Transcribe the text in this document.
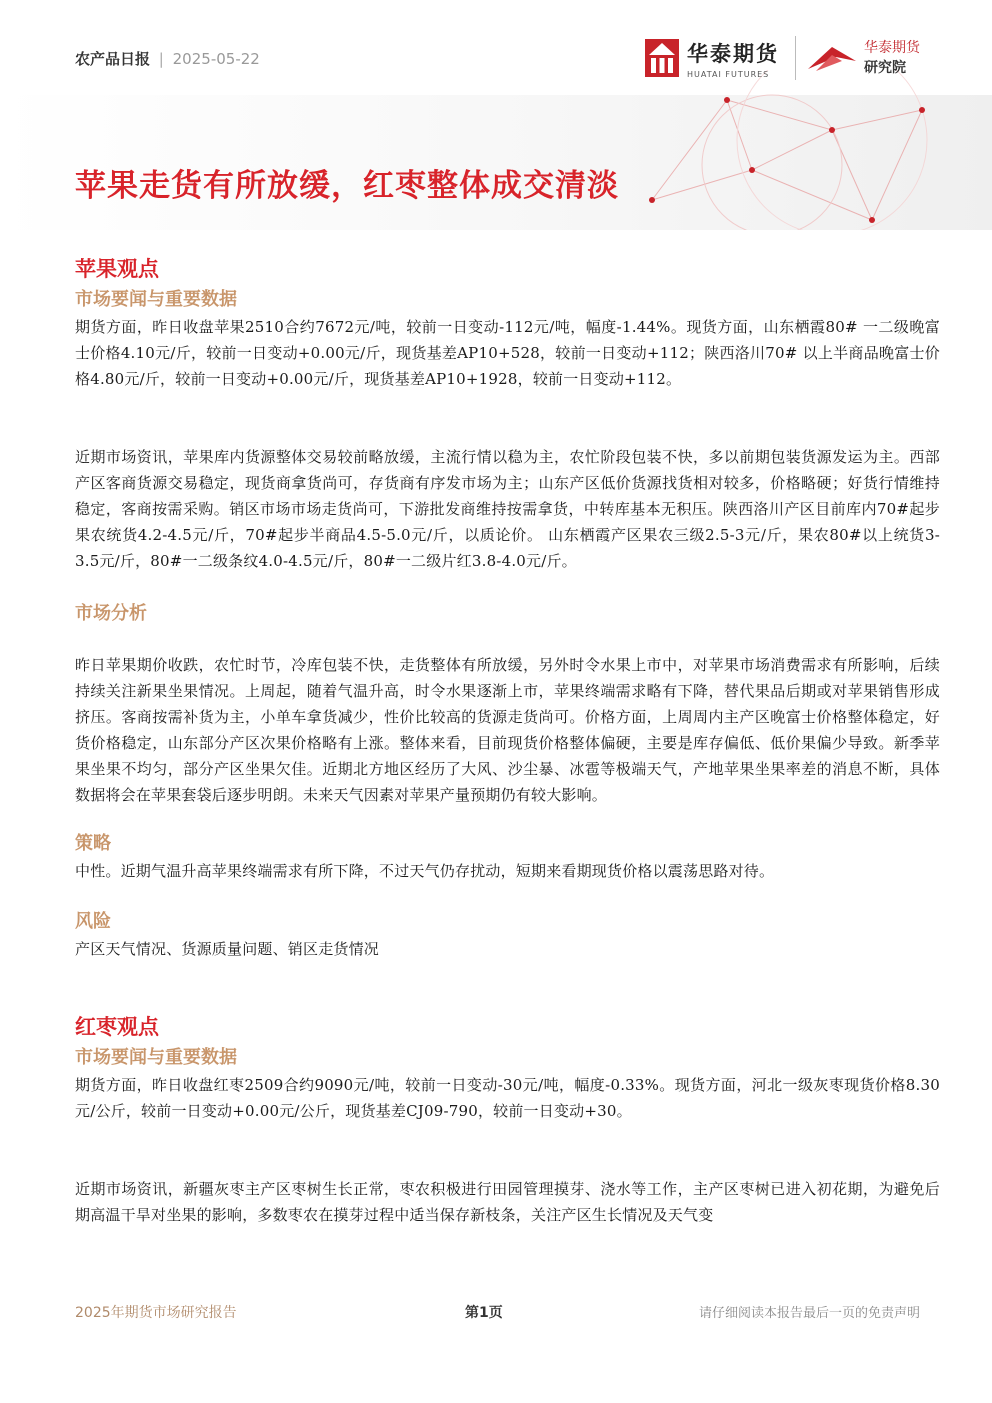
农产品日报 | 2025-05-22	华泰期货
HUATAI FUTURES
华泰期货
研究院
苹果走货有所放缓，红枣整体成交清淡
苹果观点
市场要闻与重要数据

期货方面，昨日收盘苹果2510合约7672元/吨，较前一日变动-112元/吨，幅度-1.44%。现货方面，山东栖霞80# 一二级晚富士价格4.10元/斤，较前一日变动+0.00元/斤，现货基差AP10+528，较前一日变动+112；陕西洛川70# 以上半商品晚富士价格4.80元/斤，较前一日变动+0.00元/斤，现货基差AP10+1928，较前一日变动+112。

近期市场资讯，苹果库内货源整体交易较前略放缓，主流行情以稳为主，农忙阶段包装不快，多以前期包装货源发运为主。西部产区客商货源交易稳定，现货商拿货尚可，存货商有序发市场为主；山东产区低价货源找货相对较多，价格略硬；好货行情维持稳定，客商按需采购。销区市场市场走货尚可，下游批发商维持按需拿货，中转库基本无积压。陕西洛川产区目前库内70#起步果农统货4.2-4.5元/斤，70#起步半商品4.5-5.0元/斤，以质论价。 山东栖霞产区果农三级2.5-3元/斤，果农80#以上统货3-3.5元/斤，80#一二级条纹4.0-4.5元/斤，80#一二级片红3.8-4.0元/斤。

市场分析

昨日苹果期价收跌，农忙时节，冷库包装不快，走货整体有所放缓，另外时令水果上市中，对苹果市场消费需求有所影响，后续持续关注新果坐果情况。上周起，随着气温升高，时令水果逐渐上市，苹果终端需求略有下降，替代果品后期或对苹果销售形成挤压。客商按需补货为主，小单车拿货减少，性价比较高的货源走货尚可。价格方面，上周周内主产区晚富士价格整体稳定，好货价格稳定，山东部分产区次果价格略有上涨。整体来看，目前现货价格整体偏硬，主要是库存偏低、低价果偏少导致。新季苹果坐果不均匀，部分产区坐果欠佳。近期北方地区经历了大风、沙尘暴、冰雹等极端天气，产地苹果坐果率差的消息不断，具体数据将会在苹果套袋后逐步明朗。未来天气因素对苹果产量预期仍有较大影响。

策略

中性。近期气温升高苹果终端需求有所下降，不过天气仍存扰动，短期来看期现货价格以震荡思路对待。

风险

产区天气情况、货源质量问题、销区走货情况

红枣观点
市场要闻与重要数据

期货方面，昨日收盘红枣2509合约9090元/吨，较前一日变动-30元/吨，幅度-0.33%。现货方面，河北一级灰枣现货价格8.30元/公斤，较前一日变动+0.00元/公斤，现货基差CJ09-790，较前一日变动+30。

近期市场资讯，新疆灰枣主产区枣树生长正常，枣农积极进行田园管理摸芽、浇水等工作，主产区枣树已进入初花期，为避免后期高温干旱对坐果的影响，多数枣农在摸芽过程中适当保存新枝条，关注产区生长情况及天气变

2025年期货市场研究报告	第1页	请仔细阅读本报告最后一页的免责声明
